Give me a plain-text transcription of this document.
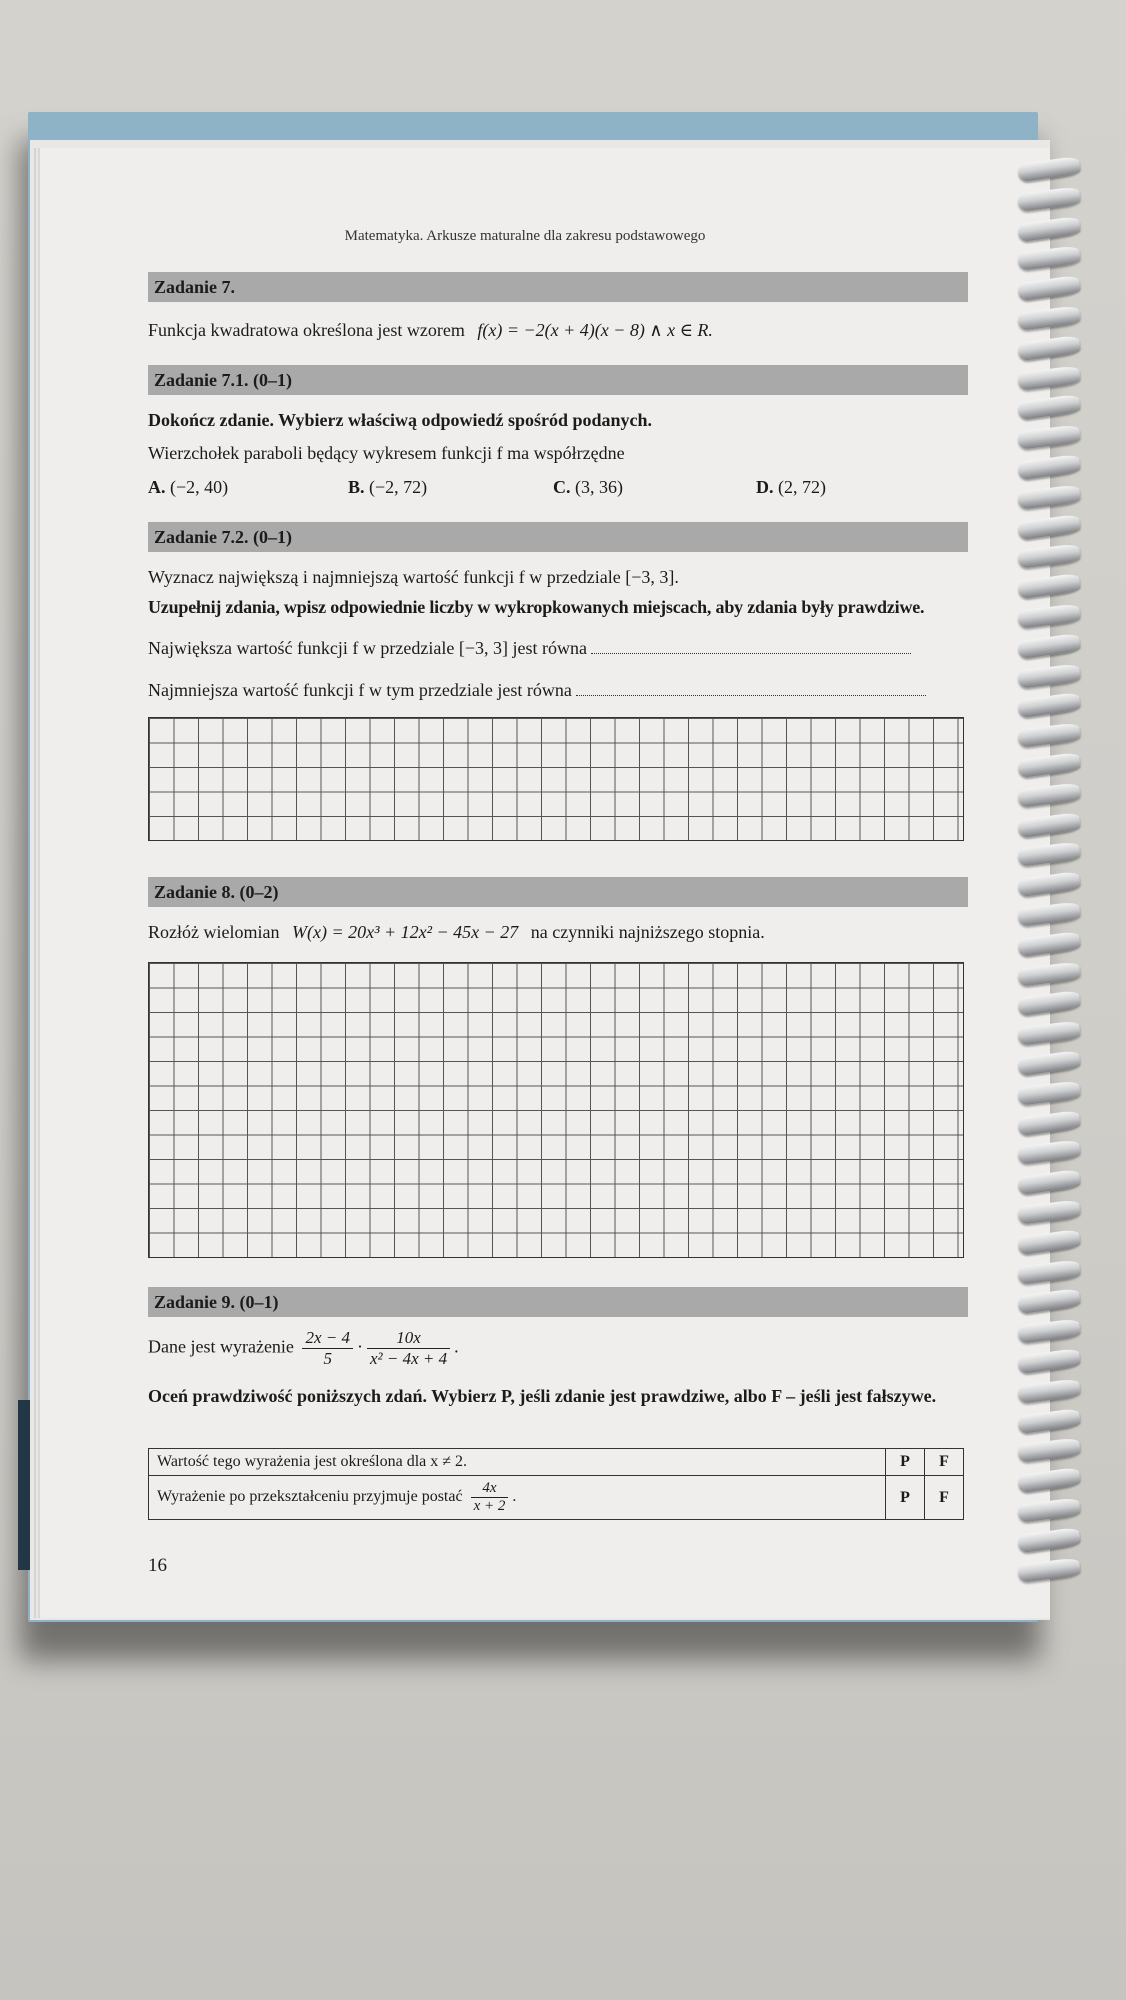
Matematyka. Arkusze maturalne dla zakresu podstawowego
Zadanie 7.
Funkcja kwadratowa określona jest wzorem f(x) = −2(x + 4)(x − 8) ∧ x ∈ R.
Zadanie 7.1. (0–1)
Dokończ zdanie. Wybierz właściwą odpowiedź spośród podanych.
Wierzchołek paraboli będący wykresem funkcji f ma współrzędne
A. (−2, 40)	B. (−2, 72)	C. (3, 36)	D. (2, 72)
Zadanie 7.2. (0–1)
Wyznacz największą i najmniejszą wartość funkcji f w przedziale [−3, 3].
Uzupełnij zdania, wpisz odpowiednie liczby w wykropkowanych miejscach, aby zdania były prawdziwe.
Największa wartość funkcji f w przedziale [−3, 3] jest równa
Najmniejsza wartość funkcji f w tym przedziale jest równa
Zadanie 8. (0–2)
Rozłóż wielomian W(x) = 20x³ + 12x² − 45x − 27 na czynniki najniższego stopnia.
Zadanie 9. (0–1)
Dane jest wyrażenie $\frac{2x - 4}{5} \cdot \frac{10x}{\text{x² − 4x + 4}}$ .
Oceń prawdziwość poniższych zdań. Wybierz P, jeśli zdanie jest prawdziwe, albo F – jeśli jest fałszywe.
Wartość tego wyrażenia jest określona dla x ≠ 2.	P	F
Wyrażenie po przekształceniu przyjmuje postać $\frac{4x}{x + 2}$ .	P	F
16
